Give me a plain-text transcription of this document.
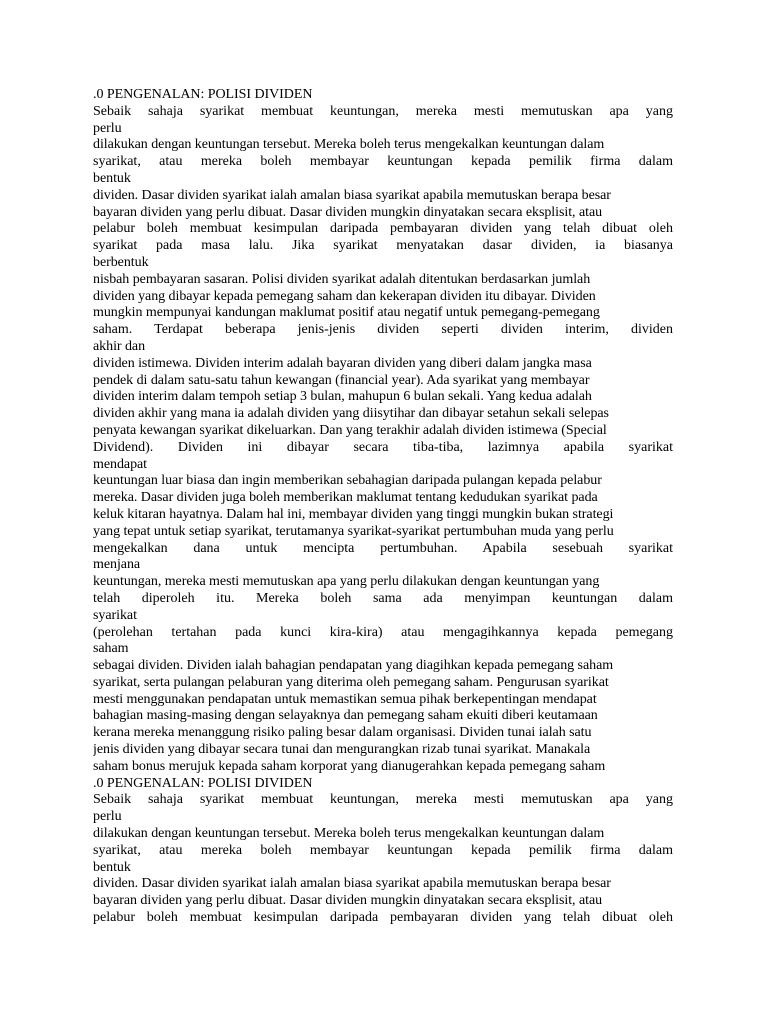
.0 PENGENALAN: POLISI DIVIDEN
Sebaik sahaja syarikat membuat keuntungan, mereka mesti memutuskan apa yang
perlu
dilakukan dengan keuntungan tersebut. Mereka boleh terus mengekalkan keuntungan dalam
syarikat, atau mereka boleh membayar keuntungan kepada pemilik firma dalam
bentuk
dividen. Dasar dividen syarikat ialah amalan biasa syarikat apabila memutuskan berapa besar
bayaran dividen yang perlu dibuat. Dasar dividen mungkin dinyatakan secara eksplisit, atau
pelabur boleh membuat kesimpulan daripada pembayaran dividen yang telah dibuat oleh
syarikat pada masa lalu. Jika syarikat menyatakan dasar dividen, ia biasanya
berbentuk
nisbah pembayaran sasaran. Polisi dividen syarikat adalah ditentukan berdasarkan jumlah
dividen yang dibayar kepada pemegang saham dan kekerapan dividen itu dibayar. Dividen
mungkin mempunyai kandungan maklumat positif atau negatif untuk pemegang-pemegang
saham. Terdapat beberapa jenis-jenis dividen seperti dividen interim, dividen
akhir dan
dividen istimewa. Dividen interim adalah bayaran dividen yang diberi dalam jangka masa
pendek di dalam satu-satu tahun kewangan (financial year). Ada syarikat yang membayar
dividen interim dalam tempoh setiap 3 bulan, mahupun 6 bulan sekali. Yang kedua adalah
dividen akhir yang mana ia adalah dividen yang diisytihar dan dibayar setahun sekali selepas
penyata kewangan syarikat dikeluarkan. Dan yang terakhir adalah dividen istimewa (Special
Dividend). Dividen ini dibayar secara tiba-tiba, lazimnya apabila syarikat
mendapat
keuntungan luar biasa dan ingin memberikan sebahagian daripada pulangan kepada pelabur
mereka. Dasar dividen juga boleh memberikan maklumat tentang kedudukan syarikat pada
keluk kitaran hayatnya. Dalam hal ini, membayar dividen yang tinggi mungkin bukan strategi
yang tepat untuk setiap syarikat, terutamanya syarikat-syarikat pertumbuhan muda yang perlu
mengekalkan dana untuk mencipta pertumbuhan. Apabila sesebuah syarikat
menjana
keuntungan, mereka mesti memutuskan apa yang perlu dilakukan dengan keuntungan yang
telah diperoleh itu. Mereka boleh sama ada menyimpan keuntungan dalam
syarikat
(perolehan tertahan pada kunci kira-kira) atau mengagihkannya kepada pemegang
saham
sebagai dividen. Dividen ialah bahagian pendapatan yang diagihkan kepada pemegang saham
syarikat, serta pulangan pelaburan yang diterima oleh pemegang saham. Pengurusan syarikat
mesti menggunakan pendapatan untuk memastikan semua pihak berkepentingan mendapat
bahagian masing-masing dengan selayaknya dan pemegang saham ekuiti diberi keutamaan
kerana mereka menanggung risiko paling besar dalam organisasi. Dividen tunai ialah satu
jenis dividen yang dibayar secara tunai dan mengurangkan rizab tunai syarikat. Manakala
saham bonus merujuk kepada saham korporat yang dianugerahkan kepada pemegang saham
.0 PENGENALAN: POLISI DIVIDEN
Sebaik sahaja syarikat membuat keuntungan, mereka mesti memutuskan apa yang
perlu
dilakukan dengan keuntungan tersebut. Mereka boleh terus mengekalkan keuntungan dalam
syarikat, atau mereka boleh membayar keuntungan kepada pemilik firma dalam
bentuk
dividen. Dasar dividen syarikat ialah amalan biasa syarikat apabila memutuskan berapa besar
bayaran dividen yang perlu dibuat. Dasar dividen mungkin dinyatakan secara eksplisit, atau
pelabur boleh membuat kesimpulan daripada pembayaran dividen yang telah dibuat oleh
